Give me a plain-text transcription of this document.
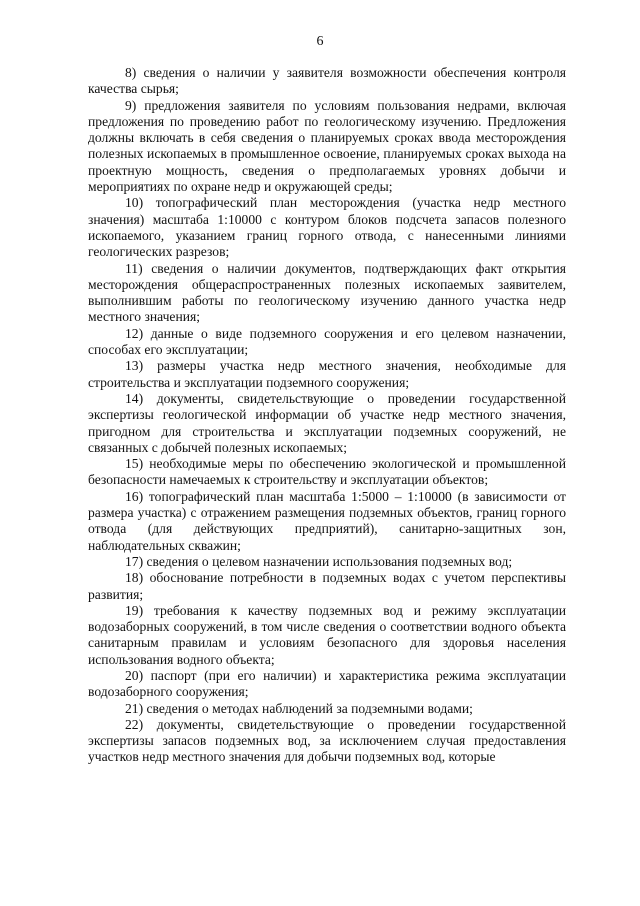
6

8) сведения о наличии у заявителя возможности обеспечения контроля качества сырья;

9) предложения заявителя по условиям пользования недрами, включая предложения по проведению работ по геологическому изучению. Предложения должны включать в себя сведения о планируемых сроках ввода месторождения полезных ископаемых в промышленное освоение, планируемых сроках выхода на проектную мощность, сведения о предполагаемых уровнях добычи и мероприятиях по охране недр и окружающей среды;

10) топографический план месторождения (участка недр местного значения) масштаба 1:10000 с контуром блоков подсчета запасов полезного ископаемого, указанием границ горного отвода, с нанесенными линиями геологических разрезов;

11) сведения о наличии документов, подтверждающих факт открытия месторождения общераспространенных полезных ископаемых заявителем, выполнившим работы по геологическому изучению данного участка недр местного значения;

12) данные о виде подземного сооружения и его целевом назначении, способах его эксплуатации;

13) размеры участка недр местного значения, необходимые для строительства и эксплуатации подземного сооружения;

14) документы, свидетельствующие о проведении государственной экспертизы геологической информации об участке недр местного значения, пригодном для строительства и эксплуатации подземных сооружений, не связанных с добычей полезных ископаемых;

15) необходимые меры по обеспечению экологической и промышленной безопасности намечаемых к строительству и эксплуатации объектов;

16) топографический план масштаба 1:5000 – 1:10000 (в зависимости от размера участка) с отражением размещения подземных объектов, границ горного отвода (для действующих предприятий), санитарно-защитных зон, наблюдательных скважин;

17) сведения о целевом назначении использования подземных вод;

18) обоснование потребности в подземных водах с учетом перспективы развития;

19) требования к качеству подземных вод и режиму эксплуатации водозаборных сооружений, в том числе сведения о соответствии водного объекта санитарным правилам и условиям безопасного для здоровья населения использования водного объекта;

20) паспорт (при его наличии) и характеристика режима эксплуатации водозаборного сооружения;

21) сведения о методах наблюдений за подземными водами;

22) документы, свидетельствующие о проведении государственной экспертизы запасов подземных вод, за исключением случая предоставления участков недр местного значения для добычи подземных вод, которые
